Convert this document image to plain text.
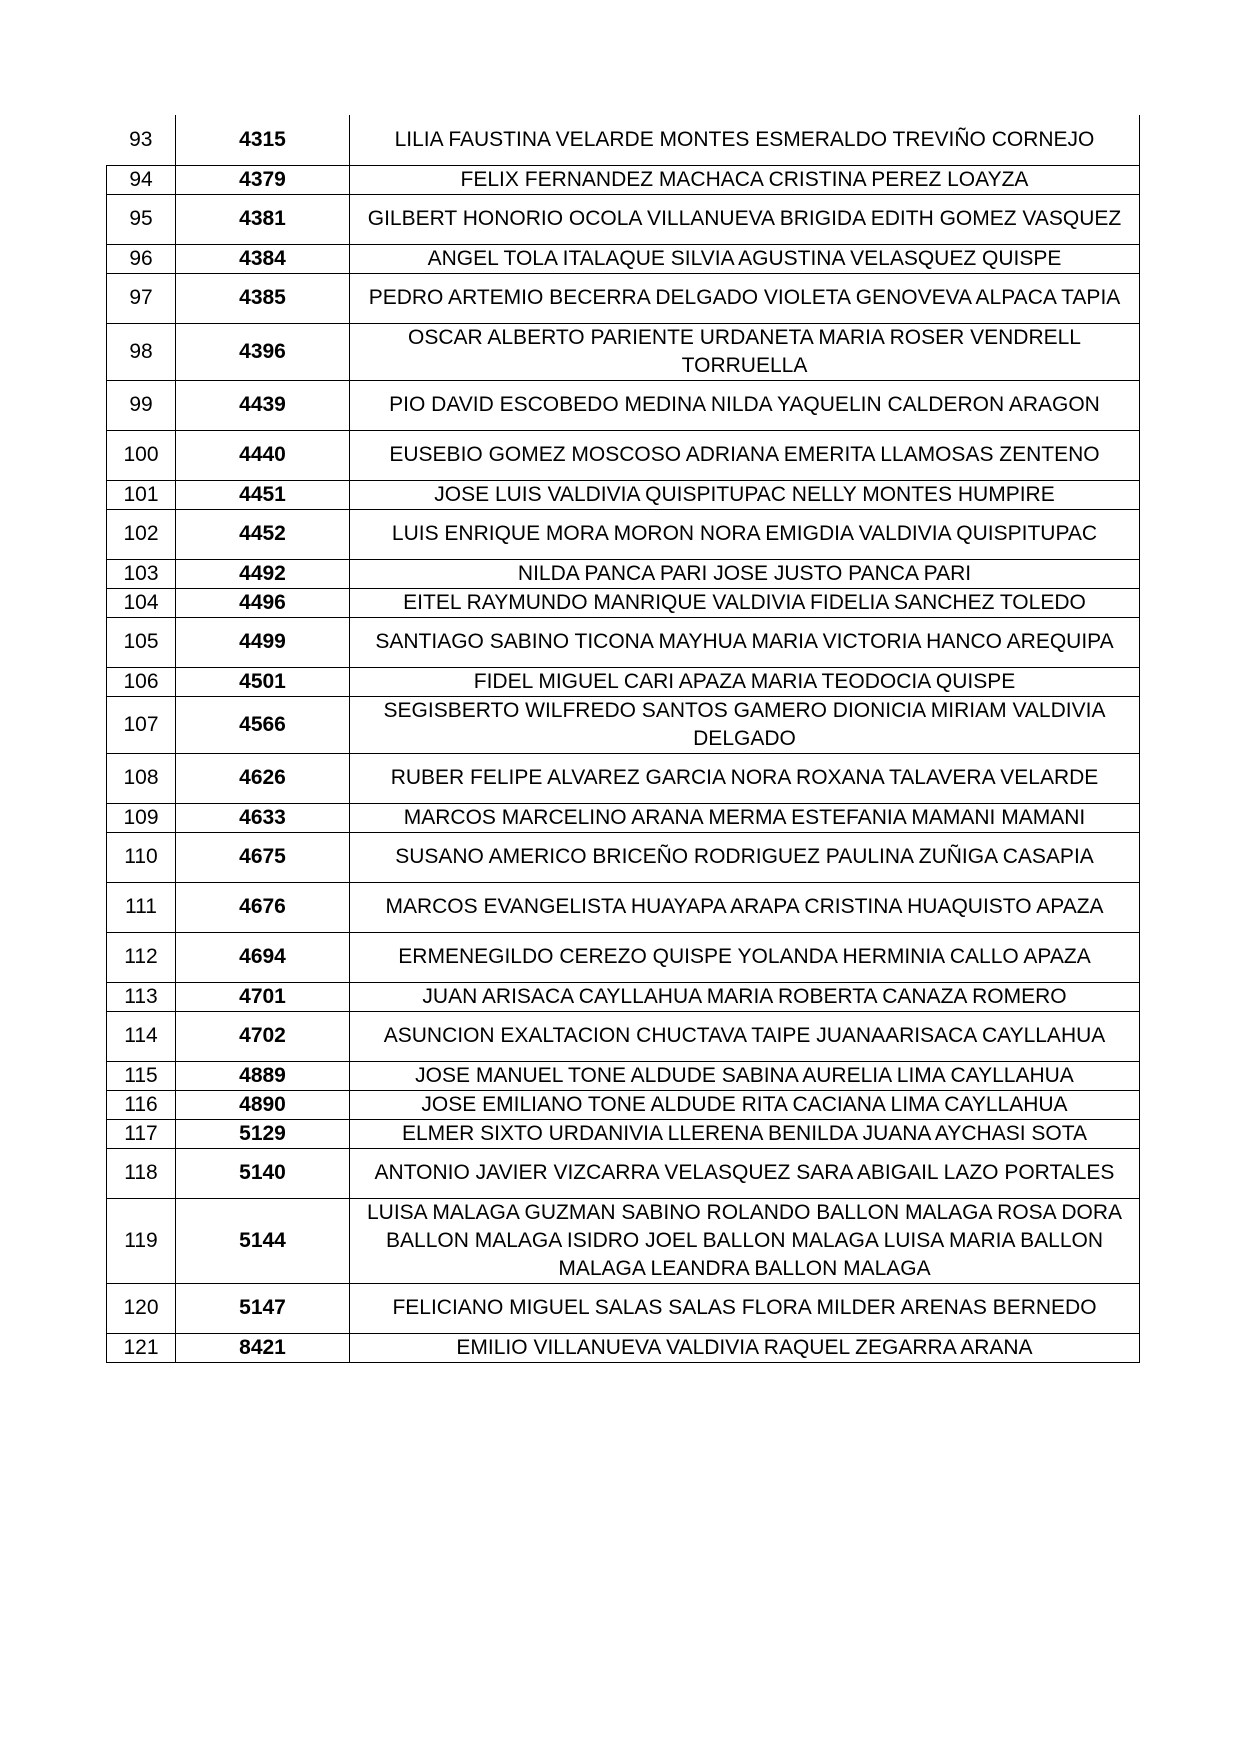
93	4315	LILIA FAUSTINA VELARDE MONTES ESMERALDO TREVIÑO CORNEJO
94	4379	FELIX FERNANDEZ MACHACA CRISTINA PEREZ LOAYZA
95	4381	GILBERT HONORIO OCOLA VILLANUEVA BRIGIDA EDITH GOMEZ VASQUEZ
96	4384	ANGEL TOLA ITALAQUE SILVIA AGUSTINA VELASQUEZ QUISPE
97	4385	PEDRO ARTEMIO BECERRA DELGADO VIOLETA GENOVEVA ALPACA TAPIA
98	4396	OSCAR ALBERTO PARIENTE URDANETA MARIA ROSER VENDRELL TORRUELLA
99	4439	PIO DAVID ESCOBEDO MEDINA NILDA YAQUELIN CALDERON ARAGON
100	4440	EUSEBIO GOMEZ MOSCOSO ADRIANA EMERITA LLAMOSAS ZENTENO
101	4451	JOSE LUIS VALDIVIA QUISPITUPAC NELLY MONTES HUMPIRE
102	4452	LUIS ENRIQUE MORA MORON NORA EMIGDIA VALDIVIA QUISPITUPAC
103	4492	NILDA PANCA PARI JOSE JUSTO PANCA PARI
104	4496	EITEL RAYMUNDO MANRIQUE VALDIVIA FIDELIA SANCHEZ TOLEDO
105	4499	SANTIAGO SABINO TICONA MAYHUA MARIA VICTORIA HANCO AREQUIPA
106	4501	FIDEL MIGUEL CARI APAZA MARIA TEODOCIA QUISPE
107	4566	SEGISBERTO WILFREDO SANTOS GAMERO DIONICIA MIRIAM VALDIVIA DELGADO
108	4626	RUBER FELIPE ALVAREZ GARCIA NORA ROXANA TALAVERA VELARDE
109	4633	MARCOS MARCELINO ARANA MERMA ESTEFANIA MAMANI MAMANI
110	4675	SUSANO AMERICO BRICEÑO RODRIGUEZ PAULINA ZUÑIGA CASAPIA
111	4676	MARCOS EVANGELISTA HUAYAPA ARAPA CRISTINA HUAQUISTO APAZA
112	4694	ERMENEGILDO CEREZO QUISPE YOLANDA HERMINIA CALLO APAZA
113	4701	JUAN ARISACA CAYLLAHUA MARIA ROBERTA CANAZA ROMERO
114	4702	ASUNCION EXALTACION CHUCTAVA TAIPE JUANAARISACA CAYLLAHUA
115	4889	JOSE MANUEL TONE ALDUDE SABINA AURELIA LIMA CAYLLAHUA
116	4890	JOSE EMILIANO TONE ALDUDE RITA CACIANA LIMA CAYLLAHUA
117	5129	ELMER SIXTO URDANIVIA LLERENA BENILDA JUANA AYCHASI SOTA
118	5140	ANTONIO JAVIER VIZCARRA VELASQUEZ SARA ABIGAIL LAZO PORTALES
119	5144	LUISA MALAGA GUZMAN SABINO ROLANDO BALLON MALAGA ROSA DORA BALLON MALAGA ISIDRO JOEL BALLON MALAGA LUISA MARIA BALLON MALAGA LEANDRA BALLON MALAGA
120	5147	FELICIANO MIGUEL SALAS SALAS FLORA MILDER ARENAS BERNEDO
121	8421	EMILIO VILLANUEVA VALDIVIA RAQUEL ZEGARRA ARANA
